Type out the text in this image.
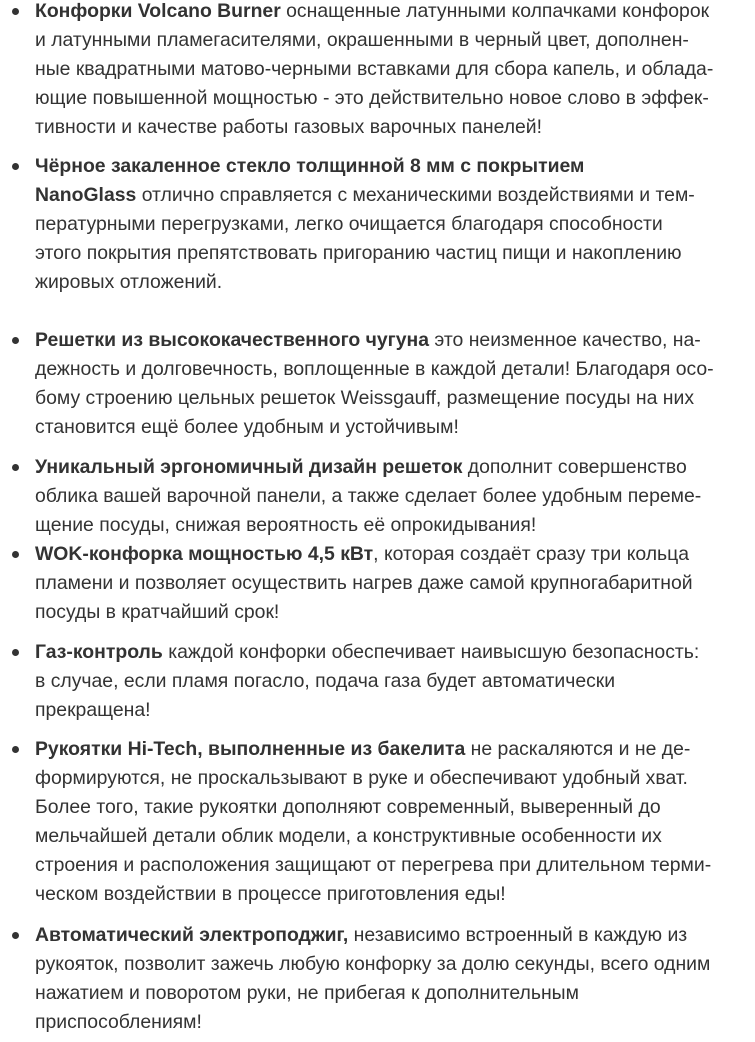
Конфорки Volcano Burner оснащенные латунными колпачками конфорок
и латунными пламегасителями, окрашенными в черный цвет, дополнен-
ные квадратными матово-черными вставками для сбора капель, и облада-
ющие повышенной мощностью - это действительно новое слово в эффек-
тивности и качестве работы газовых варочных панелей!
Чёрное закаленное стекло толщинной 8 мм с покрытием
NanoGlass отлично справляется с механическими воздействиями и тем-
пературными перегрузками, легко очищается благодаря способности
этого покрытия препятствовать пригоранию частиц пищи и накоплению
жировых отложений.
Решетки из высококачественного чугуна это неизменное качество, на-
дежность и долговечность, воплощенные в каждой детали! Благодаря осо-
бому строению цельных решеток Weissgauff, размещение посуды на них
становится ещё более удобным и устойчивым!
Уникальный эргономичный дизайн решеток дополнит совершенство
облика вашей варочной панели, а также сделает более удобным переме-
щение посуды, снижая вероятность её опрокидывания!
WOK-конфорка мощностью 4,5 кВт, которая создаёт сразу три кольца
пламени и позволяет осуществить нагрев даже самой крупногабаритной
посуды в кратчайший срок!
Газ-контроль каждой конфорки обеспечивает наивысшую безопасность:
в случае, если пламя погасло, подача газа будет автоматически
прекращена!
Рукоятки Hi-Tech, выполненные из бакелита не раскаляются и не де-
формируются, не проскальзывают в руке и обеспечивают удобный хват.
Более того, такие рукоятки дополняют современный, выверенный до
мельчайшей детали облик модели, а конструктивные особенности их
строения и расположения защищают от перегрева при длительном терми-
ческом воздействии в процессе приготовления еды!
Автоматический электроподжиг, независимо встроенный в каждую из
рукояток, позволит зажечь любую конфорку за долю секунды, всего одним
нажатием и поворотом руки, не прибегая к дополнительным
приспособлениям!
